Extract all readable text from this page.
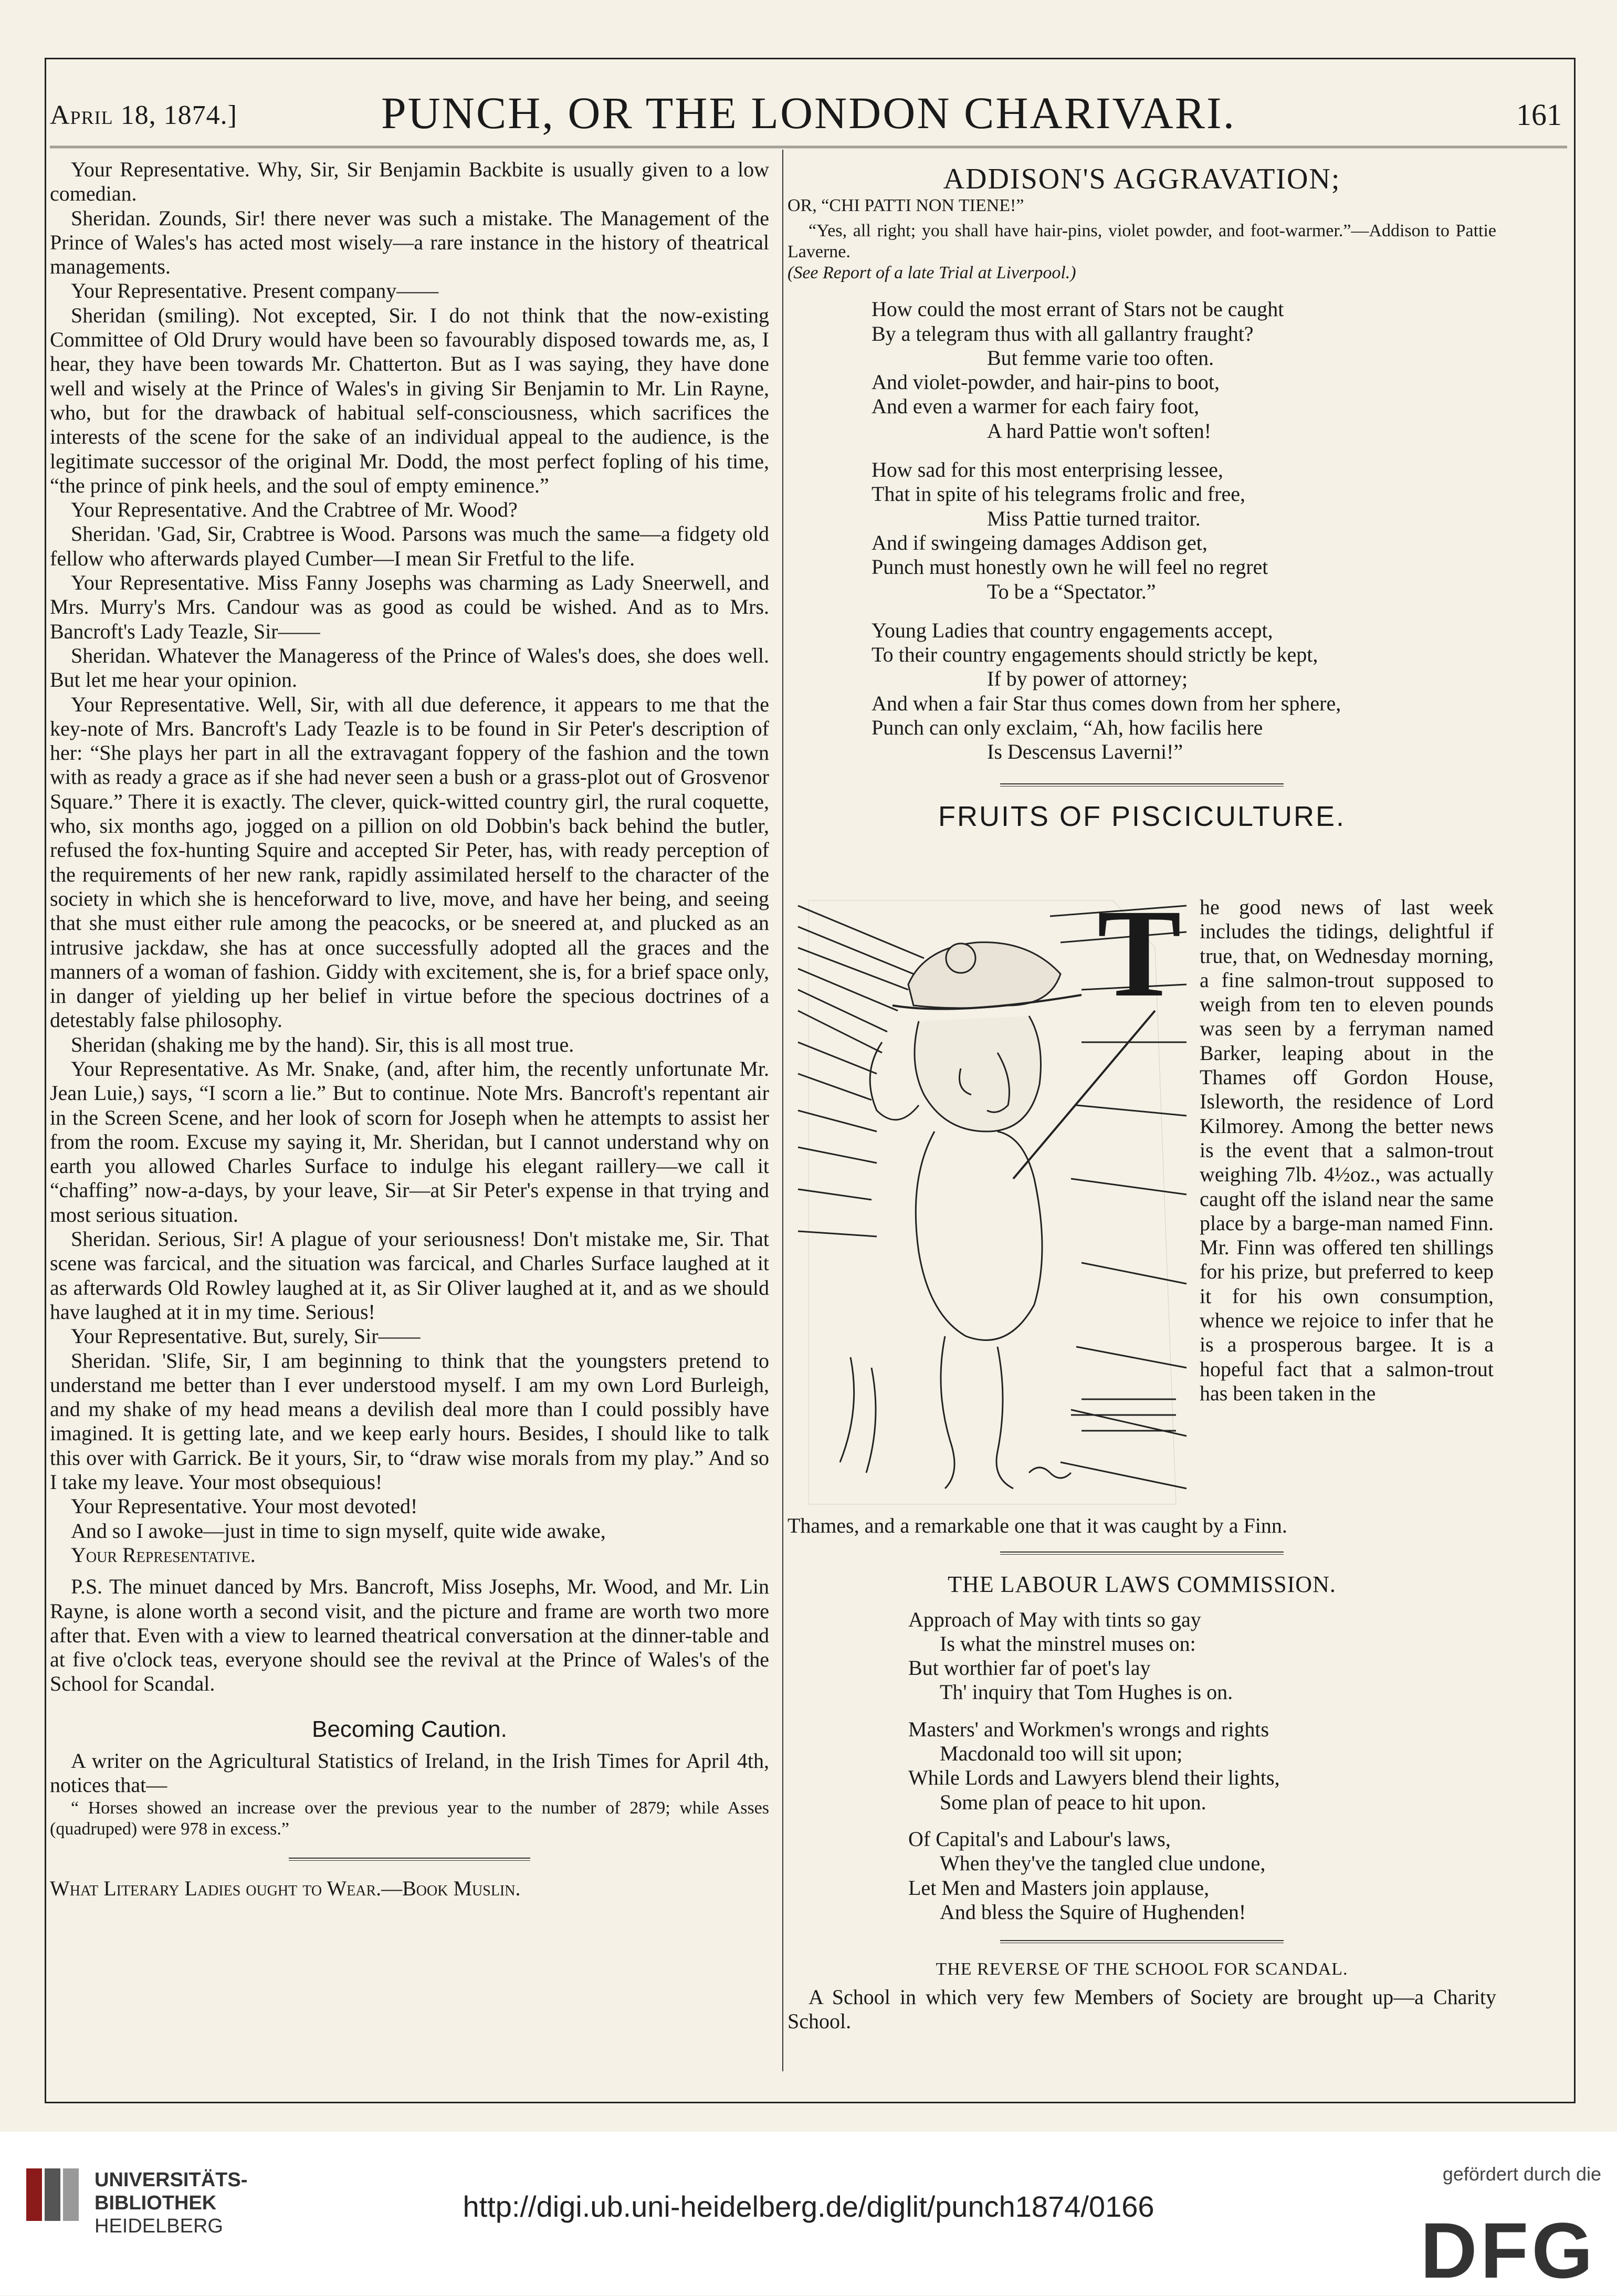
PUNCH, OR THE LONDON CHARIVARI.
April 18, 1874.]	161

Your Representative. Why, Sir, Sir Benjamin Backbite is usually given to a low comedian.

Sheridan. Zounds, Sir! there never was such a mistake. The Management of the Prince of Wales's has acted most wisely—a rare instance in the history of theatrical managements.

Your Representative. Present company——

Sheridan (smiling). Not excepted, Sir. I do not think that the now-existing Committee of Old Drury would have been so favourably disposed towards me, as, I hear, they have been towards Mr. Chatterton. But as I was saying, they have done well and wisely at the Prince of Wales's in giving Sir Benjamin to Mr. Lin Rayne, who, but for the drawback of habitual self-consciousness, which sacrifices the interests of the scene for the sake of an individual appeal to the audience, is the legitimate successor of the original Mr. Dodd, the most perfect fopling of his time, “the prince of pink heels, and the soul of empty eminence.”

Your Representative. And the Crabtree of Mr. Wood?

Sheridan. 'Gad, Sir, Crabtree is Wood. Parsons was much the same—a fidgety old fellow who afterwards played Cumber—I mean Sir Fretful to the life.

Your Representative. Miss Fanny Josephs was charming as Lady Sneerwell, and Mrs. Murry's Mrs. Candour was as good as could be wished. And as to Mrs. Bancroft's Lady Teazle, Sir——

Sheridan. Whatever the Manageress of the Prince of Wales's does, she does well. But let me hear your opinion.

Your Representative. Well, Sir, with all due deference, it appears to me that the key-note of Mrs. Bancroft's Lady Teazle is to be found in Sir Peter's description of her: “She plays her part in all the extravagant foppery of the fashion and the town with as ready a grace as if she had never seen a bush or a grass-plot out of Grosvenor Square.” There it is exactly. The clever, quick-witted country girl, the rural coquette, who, six months ago, jogged on a pillion on old Dobbin's back behind the butler, refused the fox-hunting Squire and accepted Sir Peter, has, with ready perception of the requirements of her new rank, rapidly assimilated herself to the character of the society in which she is henceforward to live, move, and have her being, and seeing that she must either rule among the peacocks, or be sneered at, and plucked as an intrusive jackdaw, she has at once successfully adopted all the graces and the manners of a woman of fashion. Giddy with excitement, she is, for a brief space only, in danger of yielding up her belief in virtue before the specious doctrines of a detestably false philosophy.

Sheridan (shaking me by the hand). Sir, this is all most true.

Your Representative. As Mr. Snake, (and, after him, the recently unfortunate Mr. Jean Luie,) says, “I scorn a lie.” But to continue. Note Mrs. Bancroft's repentant air in the Screen Scene, and her look of scorn for Joseph when he attempts to assist her from the room. Excuse my saying it, Mr. Sheridan, but I cannot understand why on earth you allowed Charles Surface to indulge his elegant raillery—we call it “chaffing” now-a-days, by your leave, Sir—at Sir Peter's expense in that trying and most serious situation.

Sheridan. Serious, Sir! A plague of your seriousness! Don't mistake me, Sir. That scene was farcical, and the situation was farcical, and Charles Surface laughed at it as afterwards Old Rowley laughed at it, as Sir Oliver laughed at it, and as we should have laughed at it in my time. Serious!

Your Representative. But, surely, Sir——

Sheridan. 'Slife, Sir, I am beginning to think that the youngsters pretend to understand me better than I ever understood myself. I am my own Lord Burleigh, and my shake of my head means a devilish deal more than I could possibly have imagined. It is getting late, and we keep early hours. Besides, I should like to talk this over with Garrick. Be it yours, Sir, to “draw wise morals from my play.” And so I take my leave. Your most obsequious!

Your Representative. Your most devoted!

And so I awoke—just in time to sign myself, quite wide awake,

Your Representative.

P.S. The minuet danced by Mrs. Bancroft, Miss Josephs, Mr. Wood, and Mr. Lin Rayne, is alone worth a second visit, and the picture and frame are worth two more after that. Even with a view to learned theatrical conversation at the dinner-table and at five o'clock teas, everyone should see the revival at the Prince of Wales's of the School for Scandal.

Becoming Caution.

A writer on the Agricultural Statistics of Ireland, in the Irish Times for April 4th, notices that—

“ Horses showed an increase over the previous year to the number of 2879; while Asses (quadruped) were 978 in excess.”

What Literary Ladies ought to Wear.—Book Muslin.

ADDISON'S AGGRAVATION;

OR, “CHI PATTI NON TIENE!”

“Yes, all right; you shall have hair-pins, violet powder, and foot-warmer.”—Addison to Pattie Laverne.

(See Report of a late Trial at Liverpool.)

How could the most errant of Stars not be caught

By a telegram thus with all gallantry fraught?

But femme varie too often.

And violet-powder, and hair-pins to boot,

And even a warmer for each fairy foot,

A hard Pattie won't soften!

How sad for this most enterprising lessee,

That in spite of his telegrams frolic and free,

Miss Pattie turned traitor.

And if swingeing damages Addison get,

Punch must honestly own he will feel no regret

To be a “Spectator.”

Young Ladies that country engagements accept,

To their country engagements should strictly be kept,

If by power of attorney;

And when a fair Star thus comes down from her sphere,

Punch can only exclaim, “Ah, how facilis here

Is Descensus Laverni!”

FRUITS OF PISCICULTURE.
T he good news of last week includes the tidings, delightful if true, that, on Wednesday morning, a fine salmon-trout supposed to weigh from ten to eleven pounds was seen by a ferryman named Barker, leaping about in the Thames off Gordon House, Isleworth, the residence of Lord Kilmorey. Among the better news is the event that a salmon-trout weighing 7lb. 4½oz., was actually caught off the island near the same place by a barge-man named Finn. Mr. Finn was offered ten shillings for his prize, but preferred to keep it for his own consumption, whence we rejoice to infer that he is a prosperous bargee. It is a hopeful fact that a salmon-trout has been taken in the

Thames, and a remarkable one that it was caught by a Finn.

THE LABOUR LAWS COMMISSION.

Approach of May with tints so gay

Is what the minstrel muses on:

But worthier far of poet's lay

Th' inquiry that Tom Hughes is on.

Masters' and Workmen's wrongs and rights

Macdonald too will sit upon;

While Lords and Lawyers blend their lights,

Some plan of peace to hit upon.

Of Capital's and Labour's laws,

When they've the tangled clue undone,

Let Men and Masters join applause,

And bless the Squire of Hughenden!

THE REVERSE OF THE SCHOOL FOR SCANDAL.

A School in which very few Members of Society are brought up—a Charity School.

UNIVERSITÄTS-
BIBLIOTHEK
HEIDELBERG
http://digi.ub.uni-heidelberg.de/diglit/punch1874/0166
gefördert durch die
DFG
